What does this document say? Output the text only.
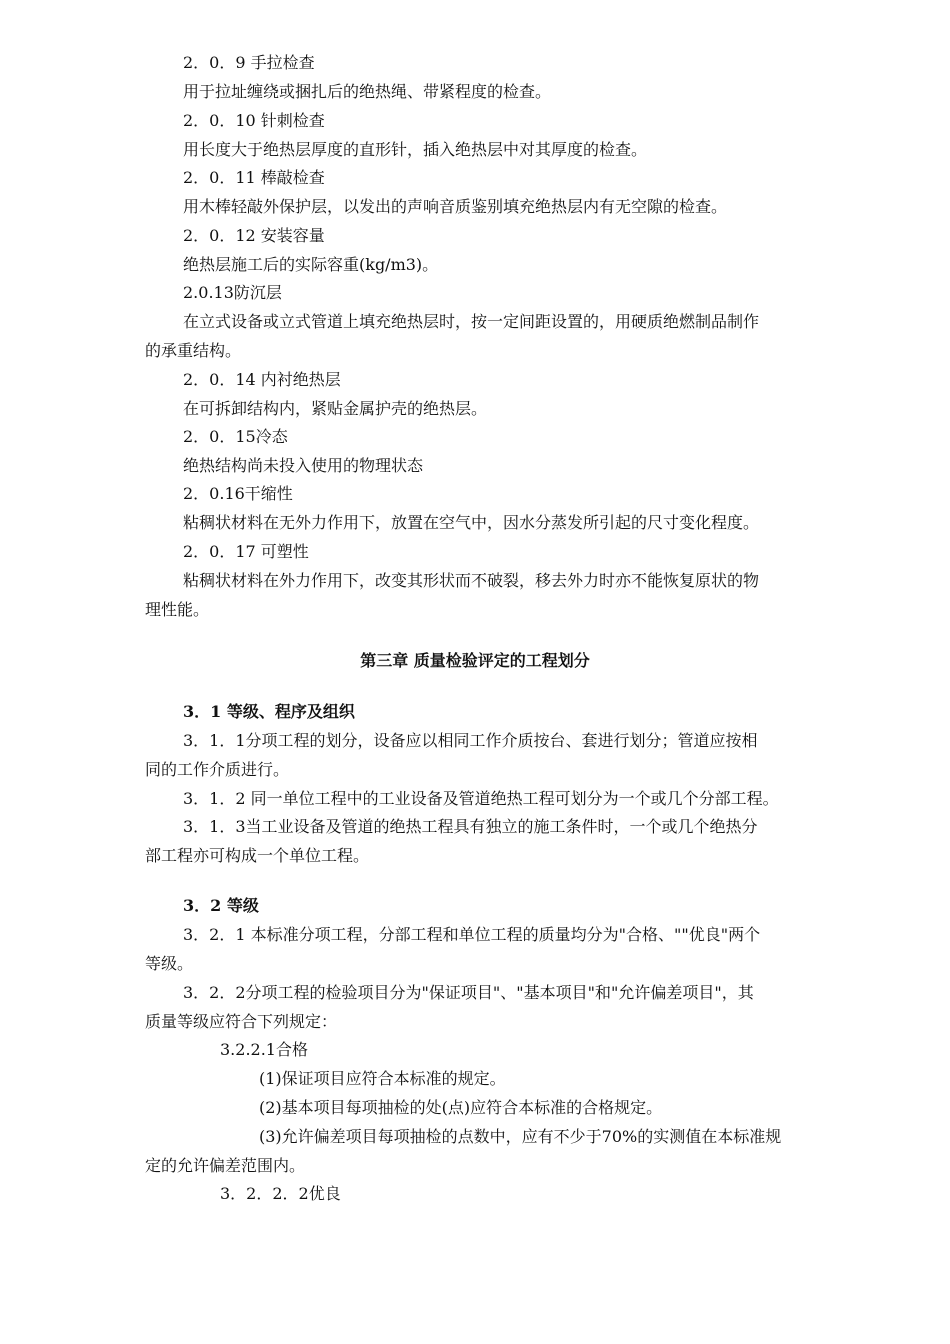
2．0．9 手拉检查
用于拉址缠绕或捆扎后的绝热绳、带紧程度的检查。
2．0．10 针刺检查
用长度大于绝热层厚度的直形针，插入绝热层中对其厚度的检查。
2．0．11 棒敲检查
用木棒轻敲外保护层，以发出的声响音质鉴别填充绝热层内有无空隙的检查。
2．0．12 安装容量
绝热层施工后的实际容重(kg/m3)。
2.0.13防沉层
在立式设备或立式管道上填充绝热层时，按一定间距设置的，用硬质绝燃制品制作
的承重结构。
2．0．14 内衬绝热层
在可拆卸结构内，紧贴金属护壳的绝热层。
2．0．15冷态
绝热结构尚未投入使用的物理状态
2．0.16干缩性
粘稠状材料在无外力作用下，放置在空气中，因水分蒸发所引起的尺寸变化程度。
2．0．17 可塑性
粘稠状材料在外力作用下，改变其形状而不破裂，移去外力时亦不能恢复原状的物
理性能。
第三章 质量检验评定的工程划分
3．1 等级、程序及组织
3．1．1分项工程的划分，设备应以相同工作介质按台、套进行划分；管道应按相
同的工作介质进行。
3．1．2 同一单位工程中的工业设备及管道绝热工程可划分为一个或几个分部工程。
3．1．3当工业设备及管道的绝热工程具有独立的施工条件时，一个或几个绝热分
部工程亦可构成一个单位工程。
3．2 等级
3．2．1 本标准分项工程，分部工程和单位工程的质量均分为"合格、""优良"两个
等级。
3．2．2分项工程的检验项目分为"保证项目"、"基本项目"和"允许偏差项目"，其
质量等级应符合下列规定：
3.2.2.1合格
(1)保证项目应符合本标准的规定。
(2)基本项目每项抽检的处(点)应符合本标准的合格规定。
(3)允许偏差项目每项抽检的点数中，应有不少于70%的实测值在本标准规
定的允许偏差范围内。
3．2．2．2优良
